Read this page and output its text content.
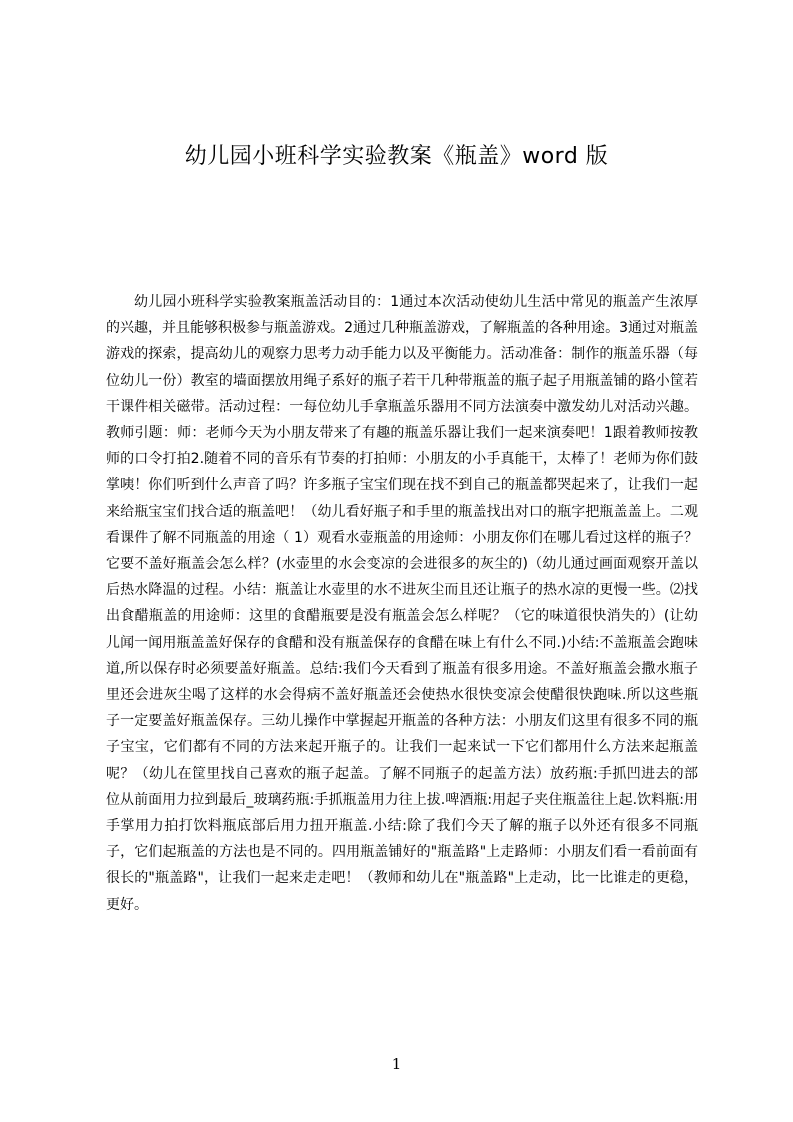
幼儿园小班科学实验教案《瓶盖》word 版

幼儿园小班科学实验教案瓶盖活动目的：1通过本次活动使幼儿生活中常见的瓶盖产生浓厚的兴趣，并且能够积极参与瓶盖游戏。2通过几种瓶盖游戏，了解瓶盖的各种用途。3通过对瓶盖游戏的探索，提高幼儿的观察力思考力动手能力以及平衡能力。活动准备：制作的瓶盖乐器（每位幼儿一份）教室的墙面摆放用绳子系好的瓶子若干几种带瓶盖的瓶子起子用瓶盖铺的路小筐若干课件相关磁带。活动过程：一每位幼儿手拿瓶盖乐器用不同方法演奏中激发幼儿对活动兴趣。教师引题：师：老师今天为小朋友带来了有趣的瓶盖乐器让我们一起来演奏吧！1跟着教师按教师的口令打拍2.随着不同的音乐有节奏的打拍师：小朋友的小手真能干，太棒了！老师为你们鼓掌咦！你们听到什么声音了吗？许多瓶子宝宝们现在找不到自己的瓶盖都哭起来了，让我们一起来给瓶宝宝们找合适的瓶盖吧！（幼儿看好瓶子和手里的瓶盖找出对口的瓶字把瓶盖盖上。二观看课件了解不同瓶盖的用途（ 1）观看水壶瓶盖的用途师：小朋友你们在哪儿看过这样的瓶子？它要不盖好瓶盖会怎么样？(水壶里的水会变凉的会进很多的灰尘的)（幼儿通过画面观察开盖以后热水降温的过程。小结：瓶盖让水壶里的水不进灰尘而且还让瓶子的热水凉的更慢一些。⑵找出食醋瓶盖的用途师：这里的食醋瓶要是没有瓶盖会怎么样呢？（它的味道很快消失的）(让幼儿闻一闻用瓶盖盖好保存的食醋和没有瓶盖保存的食醋在味上有什么不同.)小结:不盖瓶盖会跑味道,所以保存时必须要盖好瓶盖。总结:我们今天看到了瓶盖有很多用途。不盖好瓶盖会撒水瓶子里还会进灰尘喝了这样的水会得病不盖好瓶盖还会使热水很快变凉会使醋很快跑味.所以这些瓶子一定要盖好瓶盖保存。三幼儿操作中掌握起开瓶盖的各种方法：小朋友们这里有很多不同的瓶子宝宝，它们都有不同的方法来起开瓶子的。让我们一起来试一下它们都用什么方法来起瓶盖呢？（幼儿在筐里找自己喜欢的瓶子起盖。了解不同瓶子的起盖方法）放药瓶:手抓凹进去的部位从前面用力拉到最后_玻璃药瓶:手抓瓶盖用力往上拔.啤酒瓶:用起子夹住瓶盖往上起.饮料瓶:用手掌用力拍打饮料瓶底部后用力扭开瓶盖.小结:除了我们今天了解的瓶子以外还有很多不同瓶子，它们起瓶盖的方法也是不同的。四用瓶盖铺好的"瓶盖路"上走路师：小朋友们看一看前面有很长的"瓶盖路"，让我们一起来走走吧！（教师和幼儿在"瓶盖路"上走动，比一比谁走的更稳，更好。

1
